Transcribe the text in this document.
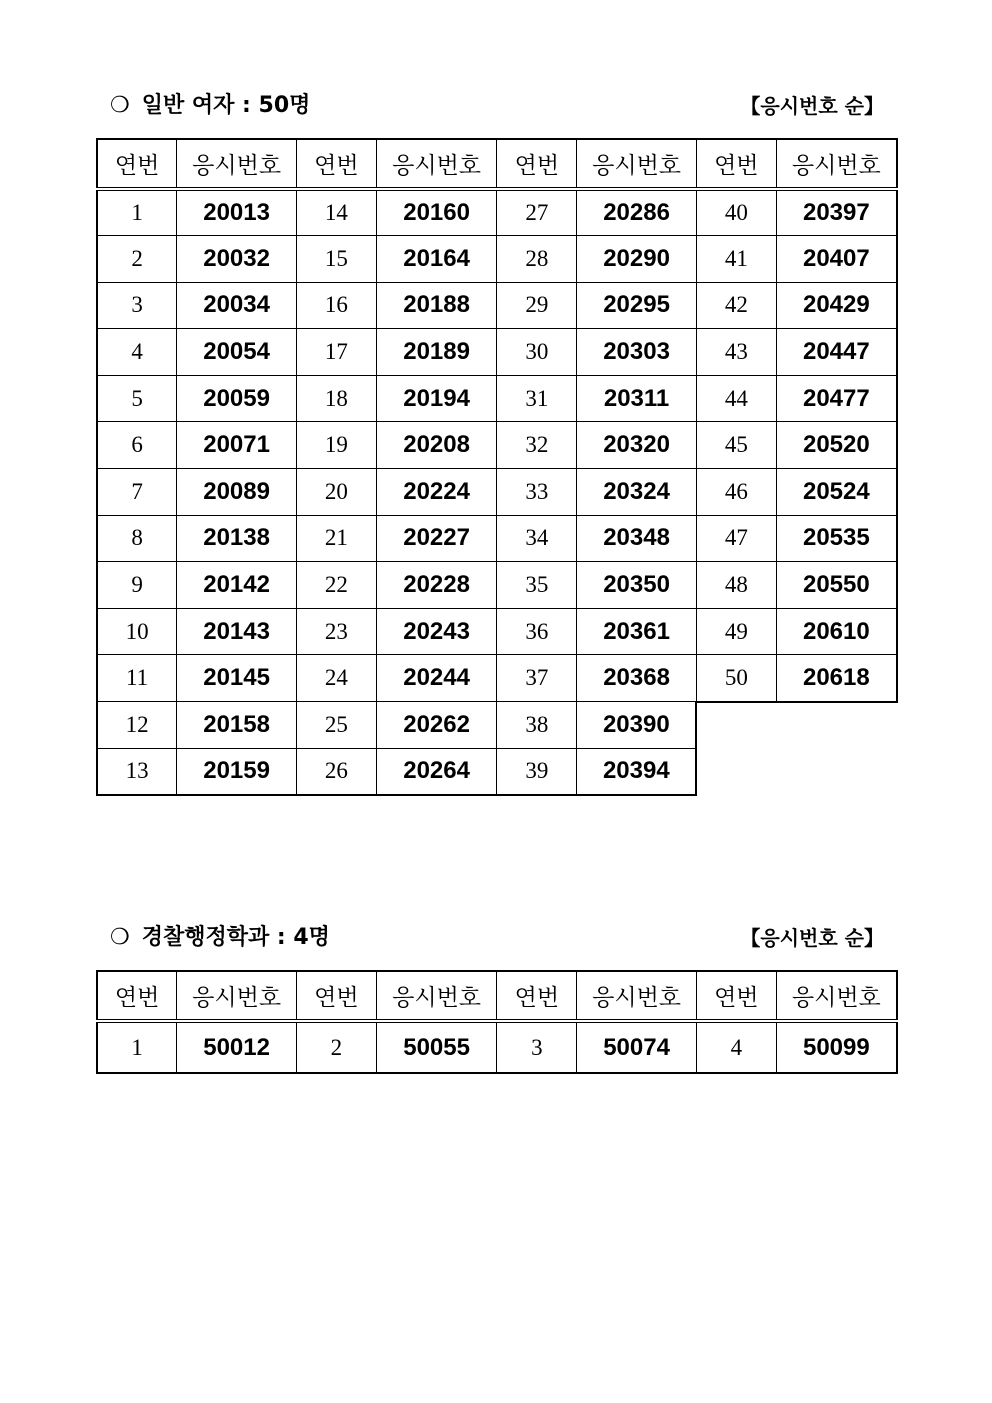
❍ 일반 여자 : 50명	【응시번호 순】
연번	응시번호	연번	응시번호	연번	응시번호	연번	응시번호
1	20013	14	20160	27	20286	40	20397
2	20032	15	20164	28	20290	41	20407
3	20034	16	20188	29	20295	42	20429
4	20054	17	20189	30	20303	43	20447
5	20059	18	20194	31	20311	44	20477
6	20071	19	20208	32	20320	45	20520
7	20089	20	20224	33	20324	46	20524
8	20138	21	20227	34	20348	47	20535
9	20142	22	20228	35	20350	48	20550
10	20143	23	20243	36	20361	49	20610
11	20145	24	20244	37	20368	50	20618
12	20158	25	20262	38	20390		
13	20159	26	20264	39	20394		
❍ 경찰행정학과 : 4명	【응시번호 순】
연번	응시번호	연번	응시번호	연번	응시번호	연번	응시번호
1	50012	2	50055	3	50074	4	50099
